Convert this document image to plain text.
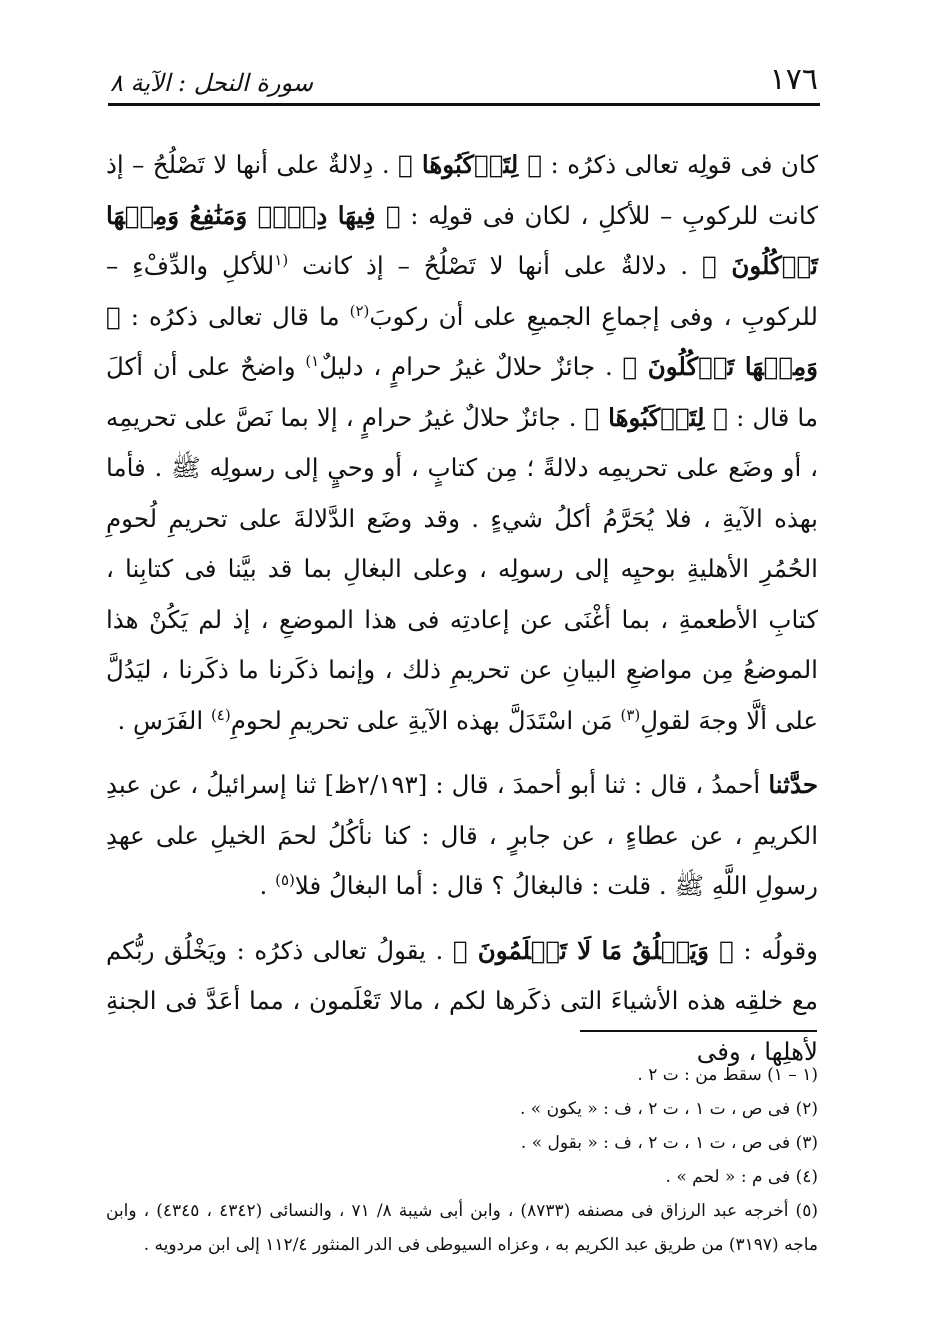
١٧٦
سورة النحل : الآية ٨

كان فى قولِه تعالى ذكرُه : ﴿ لِتَرۡكَبُوهَا ﴾ . دِلالةٌ على أنها لا تَصْلُحُ – إذ كانت للركوبِ – للأكلِ ، لكان فى قولِه : ﴿ فِيهَا دِفۡءٞ وَمَنَٰفِعُ وَمِنۡهَا تَأۡكُلُونَ ﴾ . دلالةٌ على أنها لا تَصْلُحُ – إذ كانت $^{(١}$للأكلِ والدِّفْءِ – للركوبِ ، وفى إجماعِ الجميعِ على أن ركوبَ$^{(٢)}$ ما قال تعالى ذكرُه : ﴿ وَمِنۡهَا تَأۡكُلُونَ ﴾ . جائزٌ حلالٌ غيرُ حرامٍ ، دليلٌ$^{١)}$ واضحٌ على أن أكلَ ما قال : ﴿ لِتَرۡكَبُوهَا ﴾ . جائزٌ حلالٌ غيرُ حرامٍ ، إلا بما نَصَّ على تحريمِه ، أو وضَع على تحريمِه دلالةً ؛ مِن كتابٍ ، أو وحيٍ إلى رسولِه ﷺ . فأما بهذه الآيةِ ، فلا يُحَرَّمُ أكلُ شيءٍ . وقد وضَع الدَّلالةَ على تحريمِ لُحومِ الحُمُرِ الأهليةِ بوحيِه إلى رسولِه ، وعلى البغالِ بما قد بيَّنا فى كتابِنا ، كتابِ الأطعمةِ ، بما أغْنَى عن إعادتِه فى هذا الموضعِ ، إذ لم يَكُنْ هذا الموضعُ مِن مواضعِ البيانِ عن تحريمِ ذلك ، وإنما ذكَرنا ما ذكَرنا ، ليَدُلَّ على ألَّا وجهَ لقولِ$^{(٣)}$ مَن اسْتَدَلَّ بهذه الآيةِ على تحريمِ لحومِ$^{(٤)}$ الفَرَسِ .

حدَّثنا أحمدُ ، قال : ثنا أبو أحمدَ ، قال : [٢/١٩٣ظ] ثنا إسرائيلُ ، عن عبدِ الكريمِ ، عن عطاءٍ ، عن جابرٍ ، قال : كنا نأكُلُ لحمَ الخيلِ على عهدِ رسولِ اللَّهِ ﷺ . قلت : فالبغالُ ؟ قال : أما البغالُ فلا$^{(٥)}$ .

وقولُه : ﴿ وَيَخۡلُقُ مَا لَا تَعۡلَمُونَ ﴾ . يقولُ تعالى ذكرُه : ويَخْلُق ربُّكم مع خلقِه هذه الأشياءَ التى ذكَرها لكم ، مالا تَعْلَمون ، مما أعَدَّ فى الجنةِ لأهلِها ، وفى

(١ – ١) سقط من : ت ٢ .

(٢) فى ص ، ت ١ ، ت ٢ ، ف : « يكون » .

(٣) فى ص ، ت ١ ، ت ٢ ، ف : « بقول » .

(٤) فى م : « لحم » .

(٥) أخرجه عبد الرزاق فى مصنفه (٨٧٣٣) ، وابن أبى شيبة ٨/ ٧١ ، والنسائى (٤٣٤٢ ، ٤٣٤٥) ، وابن ماجه (٣١٩٧) من طريق عبد الكريم به ، وعزاه السيوطى فى الدر المنثور ١١٢/٤ إلى ابن مردويه .
